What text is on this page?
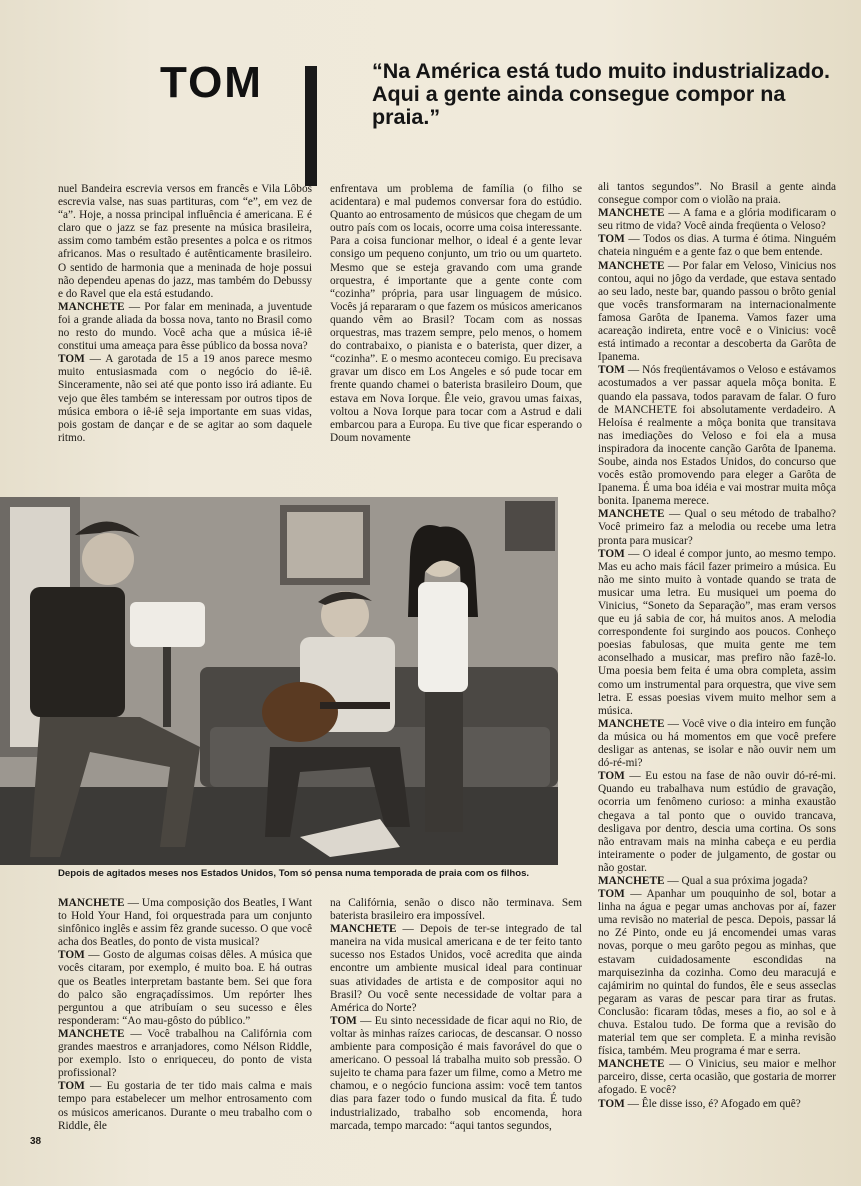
TOM	“Na América está tudo muito industrializado. Aqui a gente ainda consegue compor na praia.”

nuel Bandeira escrevia versos em francês e Vila Lôbos escrevia valse, nas suas partituras, com “e”, em vez de “a”. Hoje, a nossa principal influência é americana. E é claro que o jazz se faz presente na música brasileira, assim como também estão presentes a polca e os ritmos africanos. Mas o resultado é autênticamente brasileiro. O sentido de harmonia que a meninada de hoje possui não dependeu apenas do jazz, mas também do Debussy e do Ravel que ela está estudando.

MANCHETE — Por falar em meninada, a juventude foi a grande aliada da bossa nova, tanto no Brasil como no resto do mundo. Você acha que a música iê-iê constitui uma ameaça para êsse público da bossa nova?

TOM — A garotada de 15 a 19 anos parece mesmo muito entusiasmada com o negócio do iê-iê. Sinceramente, não sei até que ponto isso irá adiante. Eu vejo que êles também se interessam por outros tipos de música embora o iê-iê seja importante em suas vidas, pois gostam de dançar e de se agitar ao som daquele ritmo.

enfrentava um problema de família (o filho se acidentara) e mal pudemos conversar fora do estúdio. Quanto ao entrosamento de músicos que chegam de um outro país com os locais, ocorre uma coisa interessante. Para a coisa funcionar melhor, o ideal é a gente levar consigo um pequeno conjunto, um trio ou um quarteto. Mesmo que se esteja gravando com uma grande orquestra, é importante que a gente conte com “cozinha” própria, para usar linguagem de músico. Vocês já repararam o que fazem os músicos americanos quando vêm ao Brasil? Tocam com as nossas orquestras, mas trazem sempre, pelo menos, o homem do contrabaixo, o pianista e o baterista, quer dizer, a “cozinha”. E o mesmo aconteceu comigo. Eu precisava gravar um disco em Los Angeles e só pude tocar em frente quando chamei o baterista brasileiro Doum, que estava em Nova Iorque. Êle veio, gravou umas faixas, voltou a Nova Iorque para tocar com a Astrud e dali embarcou para a Europa. Eu tive que ficar esperando o Doum novamente

ali tantos segundos”. No Brasil a gente ainda consegue compor com o violão na praia.

MANCHETE — A fama e a glória modificaram o seu ritmo de vida? Você ainda freqüenta o Veloso?

TOM — Todos os dias. A turma é ótima. Ninguém chateia ninguém e a gente faz o que bem entende.

MANCHETE — Por falar em Veloso, Vinicius nos contou, aqui no jôgo da verdade, que estava sentado ao seu lado, neste bar, quando passou o brôto genial que vocês transformaram na internacionalmente famosa Garôta de Ipanema. Vamos fazer uma acareação indireta, entre você e o Vinicius: você está intimado a recontar a descoberta da Garôta de Ipanema.

TOM — Nós freqüentávamos o Veloso e estávamos acostumados a ver passar aquela môça bonita. E quando ela passava, todos paravam de falar. O furo de MANCHETE foi absolutamente verdadeiro. A Heloísa é realmente a môça bonita que transitava nas imediações do Veloso e foi ela a musa inspiradora da inocente canção Garôta de Ipanema. Soube, ainda nos Estados Unidos, do concurso que vocês estão promovendo para eleger a Garôta de Ipanema. É uma boa idéia e vai mostrar muita môça bonita. Ipanema merece.

MANCHETE — Qual o seu método de trabalho? Você primeiro faz a melodia ou recebe uma letra pronta para musicar?

TOM — O ideal é compor junto, ao mesmo tempo. Mas eu acho mais fácil fazer primeiro a música. Eu não me sinto muito à vontade quando se trata de musicar uma letra. Eu musiquei um poema do Vinicius, “Soneto da Separação”, mas eram versos que eu já sabia de cor, há muitos anos. A melodia correspondente foi surgindo aos poucos. Conheço poesias fabulosas, que muita gente me tem aconselhado a musicar, mas prefiro não fazê-lo. Uma poesia bem feita é uma obra completa, assim como um instrumental para orquestra, que vive sem letra. E essas poesias vivem muito melhor sem a música.

MANCHETE — Você vive o dia inteiro em função da música ou há momentos em que você prefere desligar as antenas, se isolar e não ouvir nem um dó-ré-mi?

TOM — Eu estou na fase de não ouvir dó-ré-mi. Quando eu trabalhava num estúdio de gravação, ocorria um fenômeno curioso: a minha exaustão chegava a tal ponto que o ouvido trancava, desligava por dentro, descia uma cortina. Os sons não entravam mais na minha cabeça e eu perdia inteiramente o poder de julgamento, de gostar ou não gostar.

MANCHETE — Qual a sua próxima jogada?

TOM — Apanhar um pouquinho de sol, botar a linha na água e pegar umas anchovas por aí, fazer uma revisão no material de pesca. Depois, passar lá no Zé Pinto, onde eu já encomendei umas varas novas, porque o meu garôto pegou as minhas, que estavam cuidadosamente escondidas na marquisezinha da cozinha. Como deu maracujá e cajámirim no quintal do fundos, êle e seus asseclas pegaram as varas de pescar para tirar as frutas. Conclusão: ficaram tôdas, meses a fio, ao sol e à chuva. Estalou tudo. De forma que a revisão do material tem que ser completa. E a minha revisão física, também. Meu programa é mar e serra.

MANCHETE — O Vinicius, seu maior e melhor parceiro, disse, certa ocasião, que gostaria de morrer afogado. E você?

TOM — Êle disse isso, é? Afogado em quê?

Depois de agitados meses nos Estados Unidos, Tom só pensa numa temporada de praia com os filhos.

MANCHETE — Uma composição dos Beatles, I Want to Hold Your Hand, foi orquestrada para um conjunto sinfônico inglês e assim fêz grande sucesso. O que você acha dos Beatles, do ponto de vista musical?

TOM — Gosto de algumas coisas dêles. A música que vocês citaram, por exemplo, é muito boa. E há outras que os Beatles interpretam bastante bem. Sei que fora do palco são engraçadíssimos. Um repórter lhes perguntou a que atribuíam o seu sucesso e êles responderam: “Ao mau-gôsto do público.”

MANCHETE — Você trabalhou na Califórnia com grandes maestros e arranjadores, como Nélson Riddle, por exemplo. Isto o enriqueceu, do ponto de vista profissional?

TOM — Eu gostaria de ter tido mais calma e mais tempo para estabelecer um melhor entrosamento com os músicos americanos. Durante o meu trabalho com o Riddle, êle

na Califórnia, senão o disco não terminava. Sem baterista brasileiro era impossível.

MANCHETE — Depois de ter-se integrado de tal maneira na vida musical americana e de ter feito tanto sucesso nos Estados Unidos, você acredita que ainda encontre um ambiente musical ideal para continuar suas atividades de artista e de compositor aqui no Brasil? Ou você sente necessidade de voltar para a América do Norte?

TOM — Eu sinto necessidade de ficar aqui no Rio, de voltar às minhas raízes cariocas, de descansar. O nosso ambiente para composição é mais favorável do que o americano. O pessoal lá trabalha muito sob pressão. O sujeito te chama para fazer um filme, como a Metro me chamou, e o negócio funciona assim: você tem tantos dias para fazer todo o fundo musical da fita. É tudo industrializado, trabalho sob encomenda, hora marcada, tempo marcado: “aqui tantos segundos,

38
